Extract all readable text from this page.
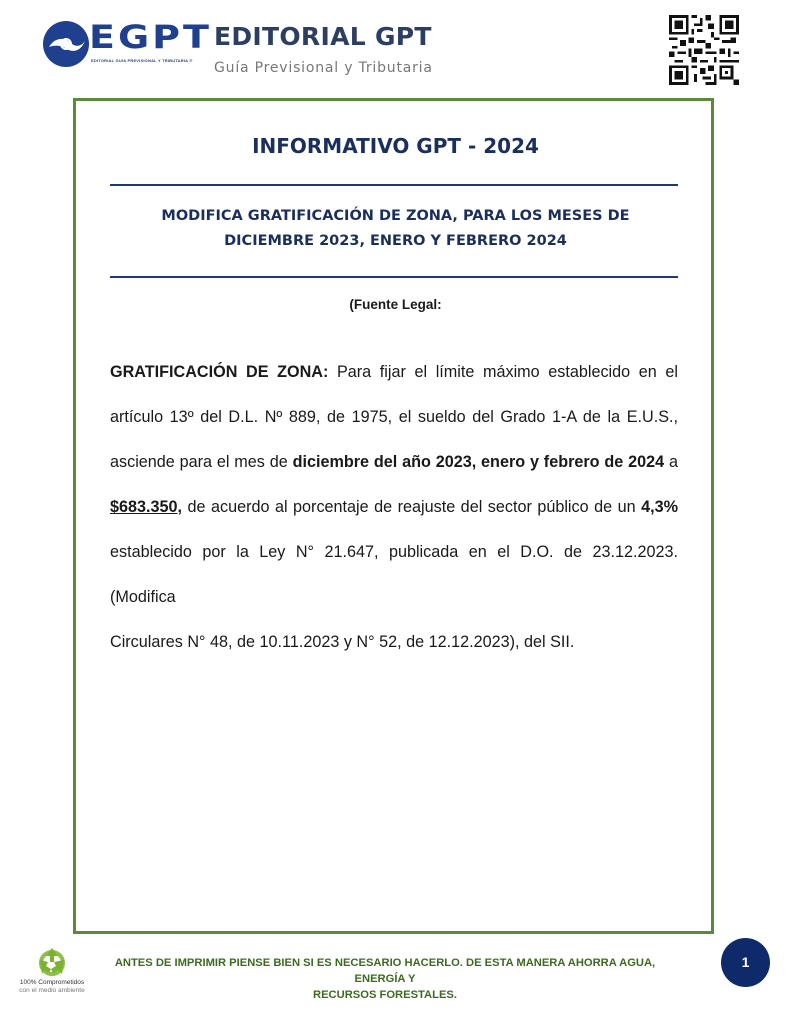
EGPT
EDITORIAL GUIA PREVISIONAL Y TRIBUTARIA ®
EDITORIAL GPT
Guía Previsional y Tributaria
INFORMATIVO GPT - 2024
MODIFICA GRATIFICACIÓN DE ZONA, PARA LOS MESES DE
DICIEMBRE 2023, ENERO Y FEBRERO 2024
(Fuente Legal:
GRATIFICACIÓN DE ZONA: Para fijar el límite máximo establecido en el
artículo 13º del D.L. Nº 889, de 1975, el sueldo del Grado 1-A de la E.U.S.,
asciende para el mes de diciembre del año 2023, enero y febrero de 2024 a
$683.350, de acuerdo al porcentaje de reajuste del sector público de un 4,3%
establecido por la Ley N° 21.647, publicada en el D.O. de 23.12.2023. (Modifica
Circulares N° 48, de 10.11.2023 y N° 52, de 12.12.2023), del SII.
100% Comprometidos
con el medio ambiente
ANTES DE IMPRIMIR PIENSE BIEN SI ES NECESARIO HACERLO. DE ESTA MANERA AHORRA AGUA, ENERGÍA Y
RECURSOS FORESTALES.
1
